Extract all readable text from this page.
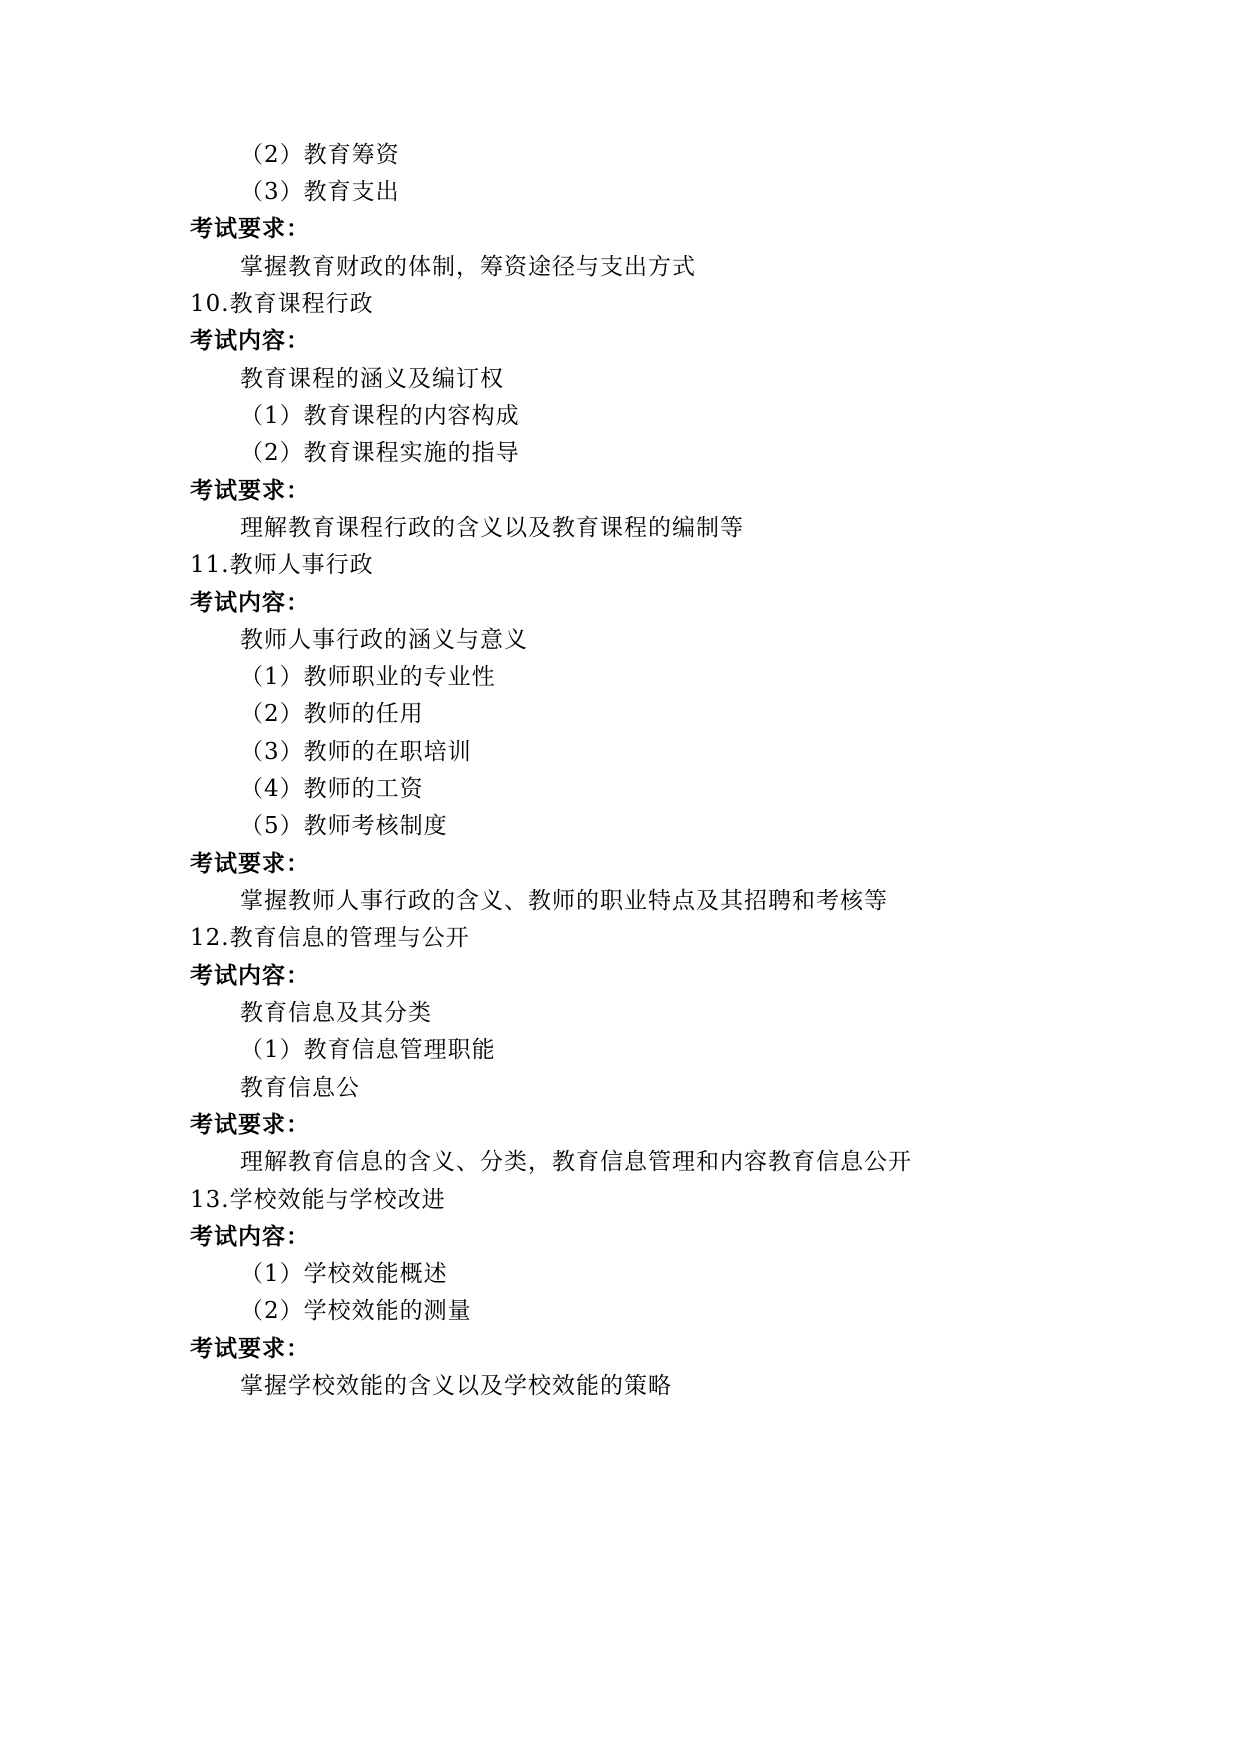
（2）教育筹资
（3）教育支出
考试要求：
掌握教育财政的体制，筹资途径与支出方式
10.教育课程行政
考试内容：
教育课程的涵义及编订权
（1）教育课程的内容构成
（2）教育课程实施的指导
考试要求：
理解教育课程行政的含义以及教育课程的编制等
11.教师人事行政
考试内容：
教师人事行政的涵义与意义
（1）教师职业的专业性
（2）教师的任用
（3）教师的在职培训
（4）教师的工资
（5）教师考核制度
考试要求：
掌握教师人事行政的含义、教师的职业特点及其招聘和考核等
12.教育信息的管理与公开
考试内容：
教育信息及其分类
（1）教育信息管理职能
教育信息公
考试要求：
理解教育信息的含义、分类，教育信息管理和内容教育信息公开
13.学校效能与学校改进
考试内容：
（1）学校效能概述
（2）学校效能的测量
考试要求：
掌握学校效能的含义以及学校效能的策略
